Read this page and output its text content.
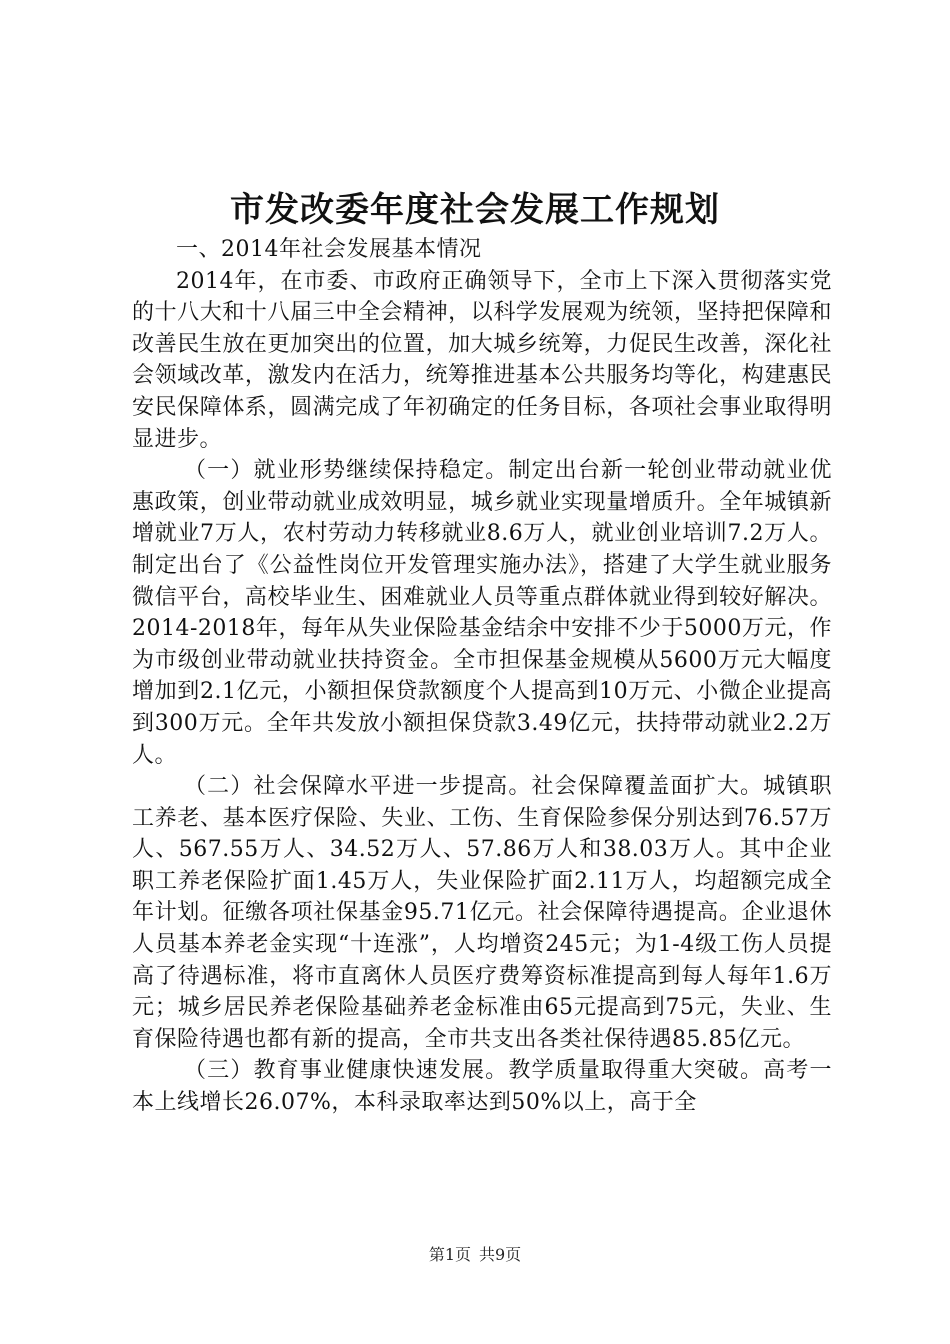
市发改委年度社会发展工作规划

一、2014年社会发展基本情况

2014年，在市委、市政府正确领导下，全市上下深入贯彻落实党的十八大和十八届三中全会精神，以科学发展观为统领，坚持把保障和改善民生放在更加突出的位置，加大城乡统筹，力促民生改善，深化社会领域改革，激发内在活力，统筹推进基本公共服务均等化，构建惠民安民保障体系，圆满完成了年初确定的任务目标，各项社会事业取得明显进步。

（一）就业形势继续保持稳定。制定出台新一轮创业带动就业优惠政策，创业带动就业成效明显，城乡就业实现量增质升。全年城镇新增就业7万人，农村劳动力转移就业8.6万人，就业创业培训7.2万人。制定出台了《公益性岗位开发管理实施办法》，搭建了大学生就业服务微信平台，高校毕业生、困难就业人员等重点群体就业得到较好解决。2014-2018年，每年从失业保险基金结余中安排不少于5000万元，作为市级创业带动就业扶持资金。全市担保基金规模从5600万元大幅度增加到2.1亿元，小额担保贷款额度个人提高到10万元、小微企业提高到300万元。全年共发放小额担保贷款3.49亿元，扶持带动就业2.2万人。

（二）社会保障水平进一步提高。社会保障覆盖面扩大。城镇职工养老、基本医疗保险、失业、工伤、生育保险参保分别达到76.57万人、567.55万人、34.52万人、57.86万人和38.03万人。其中企业职工养老保险扩面1.45万人，失业保险扩面2.11万人，均超额完成全年计划。征缴各项社保基金95.71亿元。社会保障待遇提高。企业退休人员基本养老金实现“十连涨”，人均增资245元；为1-4级工伤人员提高了待遇标准，将市直离休人员医疗费筹资标准提高到每人每年1.6万元；城乡居民养老保险基础养老金标准由65元提高到75元，失业、生育保险待遇也都有新的提高，全市共支出各类社保待遇85.85亿元。

（三）教育事业健康快速发展。教学质量取得重大突破。高考一本上线增长26.07%，本科录取率达到50%以上，高于全

第1页 共9页
